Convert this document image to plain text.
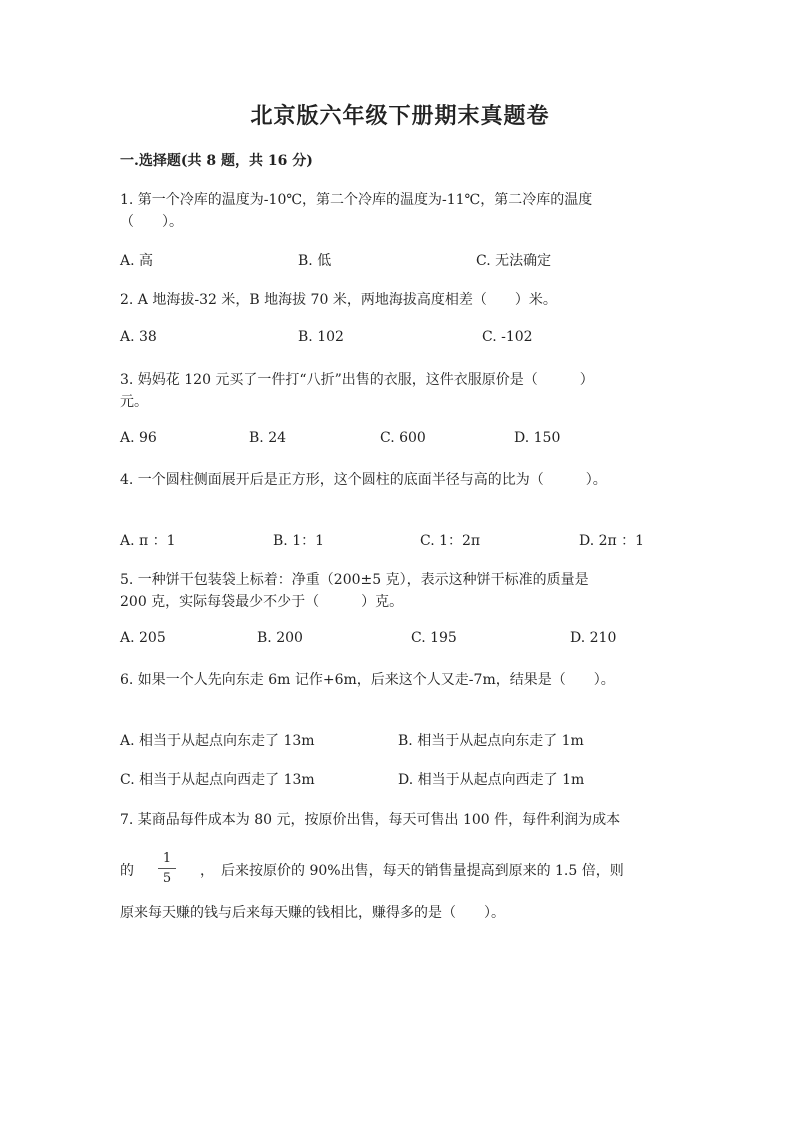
北京版六年级下册期末真题卷
一.选择题(共 8 题，共 16 分)
1. 第一个冷库的温度为-10℃，第二个冷库的温度为-11℃，第二冷库的温度
（　　）。
A. 高	B. 低	C. 无法确定
2. A 地海拔-32 米，B 地海拔 70 米，两地海拔高度相差（　　）米。
A. 38	B. 102	C. -102
3. 妈妈花 120 元买了一件打“八折”出售的衣服，这件衣服原价是（　　　）
元。
A. 96	B. 24	C. 600	D. 150
4. 一个圆柱侧面展开后是正方形，这个圆柱的底面半径与高的比为（　　　）。
A. π ：1	B. 1：1	C. 1：2π	D. 2π ：1
5. 一种饼干包装袋上标着：净重（200±5 克），表示这种饼干标准的质量是
200 克，实际每袋最少不少于（　　　）克。
A. 205	B. 200	C. 195	D. 210
6. 如果一个人先向东走 6m 记作+6m，后来这个人又走-7m，结果是（　　）。
A. 相当于从起点向东走了 13m	B. 相当于从起点向东走了 1m
C. 相当于从起点向西走了 13m	D. 相当于从起点向西走了 1m
7. 某商品每件成本为 80 元，按原价出售，每天可售出 100 件，每件利润为成本
的
1
5	，　后来按原价的 90%出售，每天的销售量提高到原来的 1.5 倍，则
原来每天赚的钱与后来每天赚的钱相比，赚得多的是（　　）。
